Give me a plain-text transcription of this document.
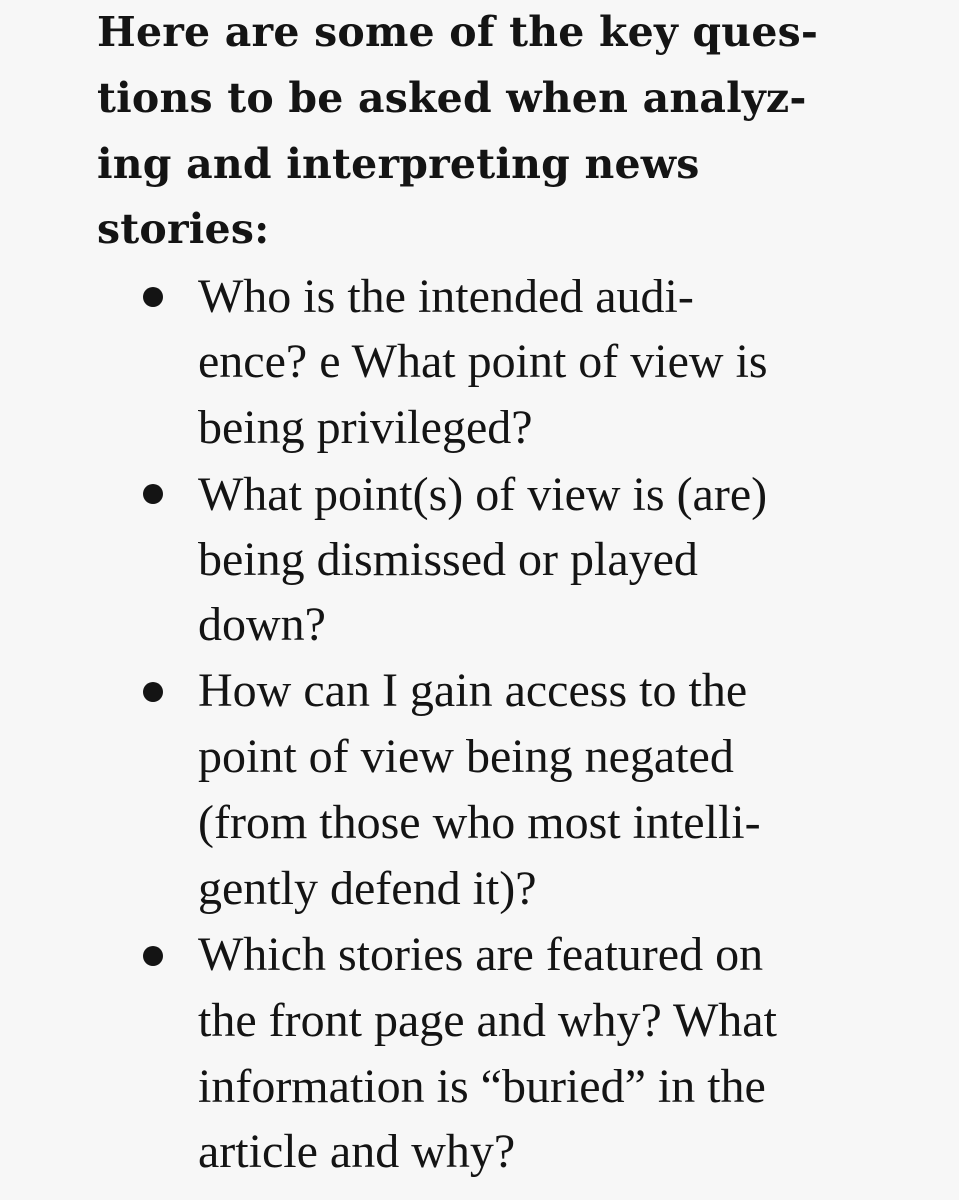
Here are some of the key ques-
tions to be asked when analyz-
ing and interpreting news
stories:
Who is the intended audi-
ence? e What point of view is
being privileged?
What point(s) of view is (are)
being dismissed or played
down?
How can I gain access to the
point of view being negated
(from those who most intelli-
gently defend it)?
Which stories are featured on
the front page and why? What
information is “buried” in the
article and why?
